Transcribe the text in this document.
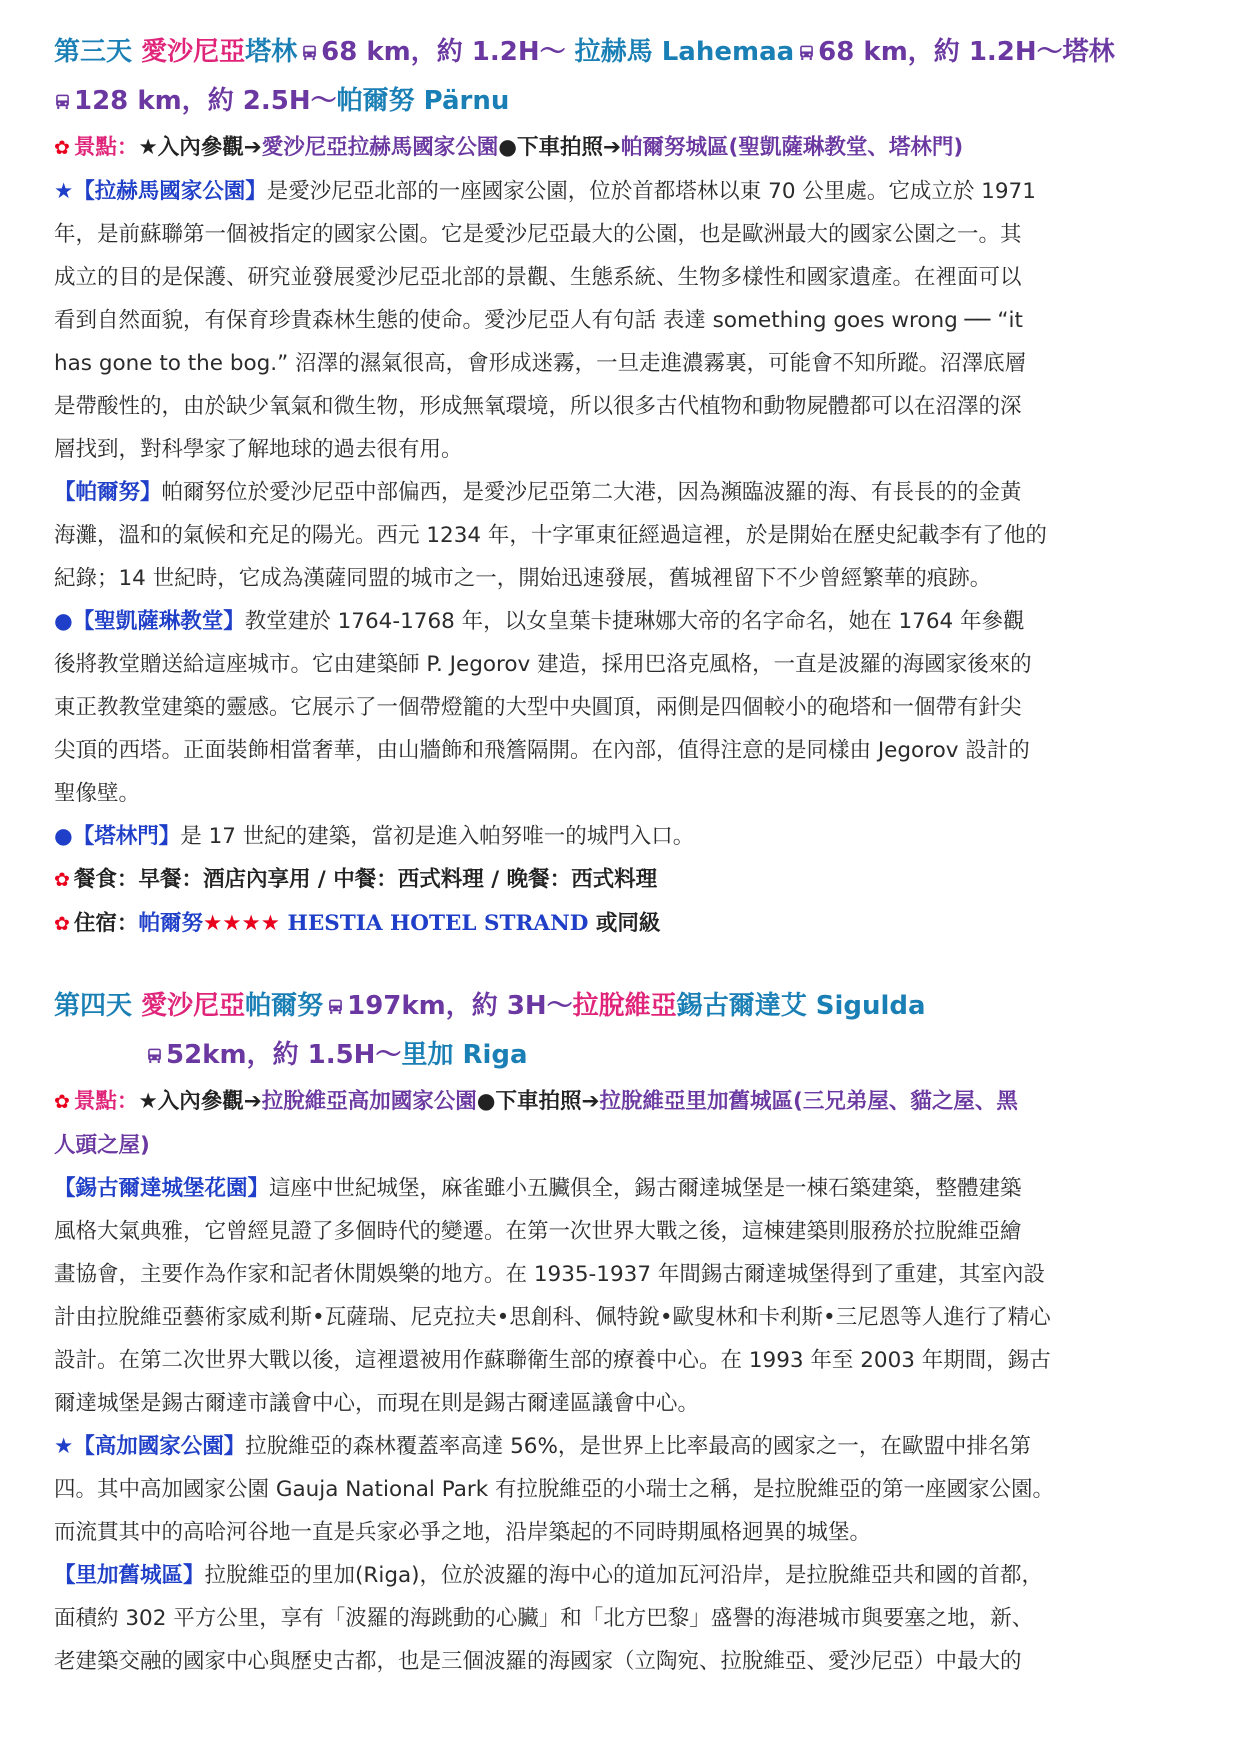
第三天 愛沙尼亞塔林 68 km，約 1.2H～ 拉赫馬 Lahemaa 68 km，約 1.2H～塔林
128 km，約 2.5H～帕爾努 Pärnu
✿ 景點：★入內參觀➔愛沙尼亞拉赫馬國家公園●下車拍照➔帕爾努城區(聖凱薩琳教堂、塔林門)
★【拉赫馬國家公園】是愛沙尼亞北部的一座國家公園，位於首都塔林以東 70 公里處。它成立於 1971
年，是前蘇聯第一個被指定的國家公園。它是愛沙尼亞最大的公園，也是歐洲最大的國家公園之一。其
成立的目的是保護、研究並發展愛沙尼亞北部的景觀、生態系統、生物多樣性和國家遺產。在裡面可以
看到自然面貌，有保育珍貴森林生態的使命。愛沙尼亞人有句話 表達 something goes wrong ── “it
has gone to the bog.” 沼澤的濕氣很高，會形成迷霧，一旦走進濃霧裏，可能會不知所蹤。沼澤底層
是帶酸性的，由於缺少氧氣和微生物，形成無氧環境，所以很多古代植物和動物屍體都可以在沼澤的深
層找到，對科學家了解地球的過去很有用。
【帕爾努】帕爾努位於愛沙尼亞中部偏西，是愛沙尼亞第二大港，因為瀕臨波羅的海、有長長的的金黃
海灘，溫和的氣候和充足的陽光。西元 1234 年，十字軍東征經過這裡，於是開始在歷史紀載李有了他的
紀錄；14 世紀時，它成為漢薩同盟的城市之一，開始迅速發展，舊城裡留下不少曾經繁華的痕跡。
●【聖凱薩琳教堂】教堂建於 1764-1768 年，以女皇葉卡捷琳娜大帝的名字命名，她在 1764 年參觀
後將教堂贈送給這座城市。它由建築師 P. Jegorov 建造，採用巴洛克風格，一直是波羅的海國家後來的
東正教教堂建築的靈感。它展示了一個帶燈籠的大型中央圓頂，兩側是四個較小的砲塔和一個帶有針尖
尖頂的西塔。正面裝飾相當奢華，由山牆飾和飛簷隔開。在內部，值得注意的是同樣由 Jegorov 設計的
聖像壁。
●【塔林門】是 17 世紀的建築，當初是進入帕努唯一的城門入口。
✿ 餐食：早餐：酒店內享用 / 中餐：西式料理 / 晚餐：西式料理
✿ 住宿：帕爾努★★★★ HESTIA HOTEL STRAND 或同級
第四天 愛沙尼亞帕爾努 197km，約 3H～拉脫維亞錫古爾達艾 Sigulda
52km，約 1.5H～里加 Riga
✿ 景點：★入內參觀➔拉脫維亞高加國家公園●下車拍照➔拉脫維亞里加舊城區(三兄弟屋、貓之屋、黑
人頭之屋)
【錫古爾達城堡花園】這座中世紀城堡，麻雀雖小五臟俱全，錫古爾達城堡是一棟石築建築，整體建築
風格大氣典雅，它曾經見證了多個時代的變遷。在第一次世界大戰之後，這棟建築則服務於拉脫維亞繪
畫協會，主要作為作家和記者休閒娛樂的地方。在 1935-1937 年間錫古爾達城堡得到了重建，其室內設
計由拉脫維亞藝術家威利斯•瓦薩瑞、尼克拉夫•思創科、佩特銳•歐叟林和卡利斯•三尼恩等人進行了精心
設計。在第二次世界大戰以後，這裡還被用作蘇聯衛生部的療養中心。在 1993 年至 2003 年期間，錫古
爾達城堡是錫古爾達市議會中心，而現在則是錫古爾達區議會中心。
★【高加國家公園】拉脫維亞的森林覆蓋率高達 56%，是世界上比率最高的國家之一，在歐盟中排名第
四。其中高加國家公園 Gauja National Park 有拉脫維亞的小瑞士之稱，是拉脫維亞的第一座國家公園。
而流貫其中的高哈河谷地一直是兵家必爭之地，沿岸築起的不同時期風格迥異的城堡。
【里加舊城區】拉脫維亞的里加(Riga)，位於波羅的海中心的道加瓦河沿岸，是拉脫維亞共和國的首都，
面積約 302 平方公里，享有「波羅的海跳動的心臟」和「北方巴黎」盛譽的海港城市與要塞之地，新、
老建築交融的國家中心與歷史古都，也是三個波羅的海國家（立陶宛、拉脫維亞、愛沙尼亞）中最大的
